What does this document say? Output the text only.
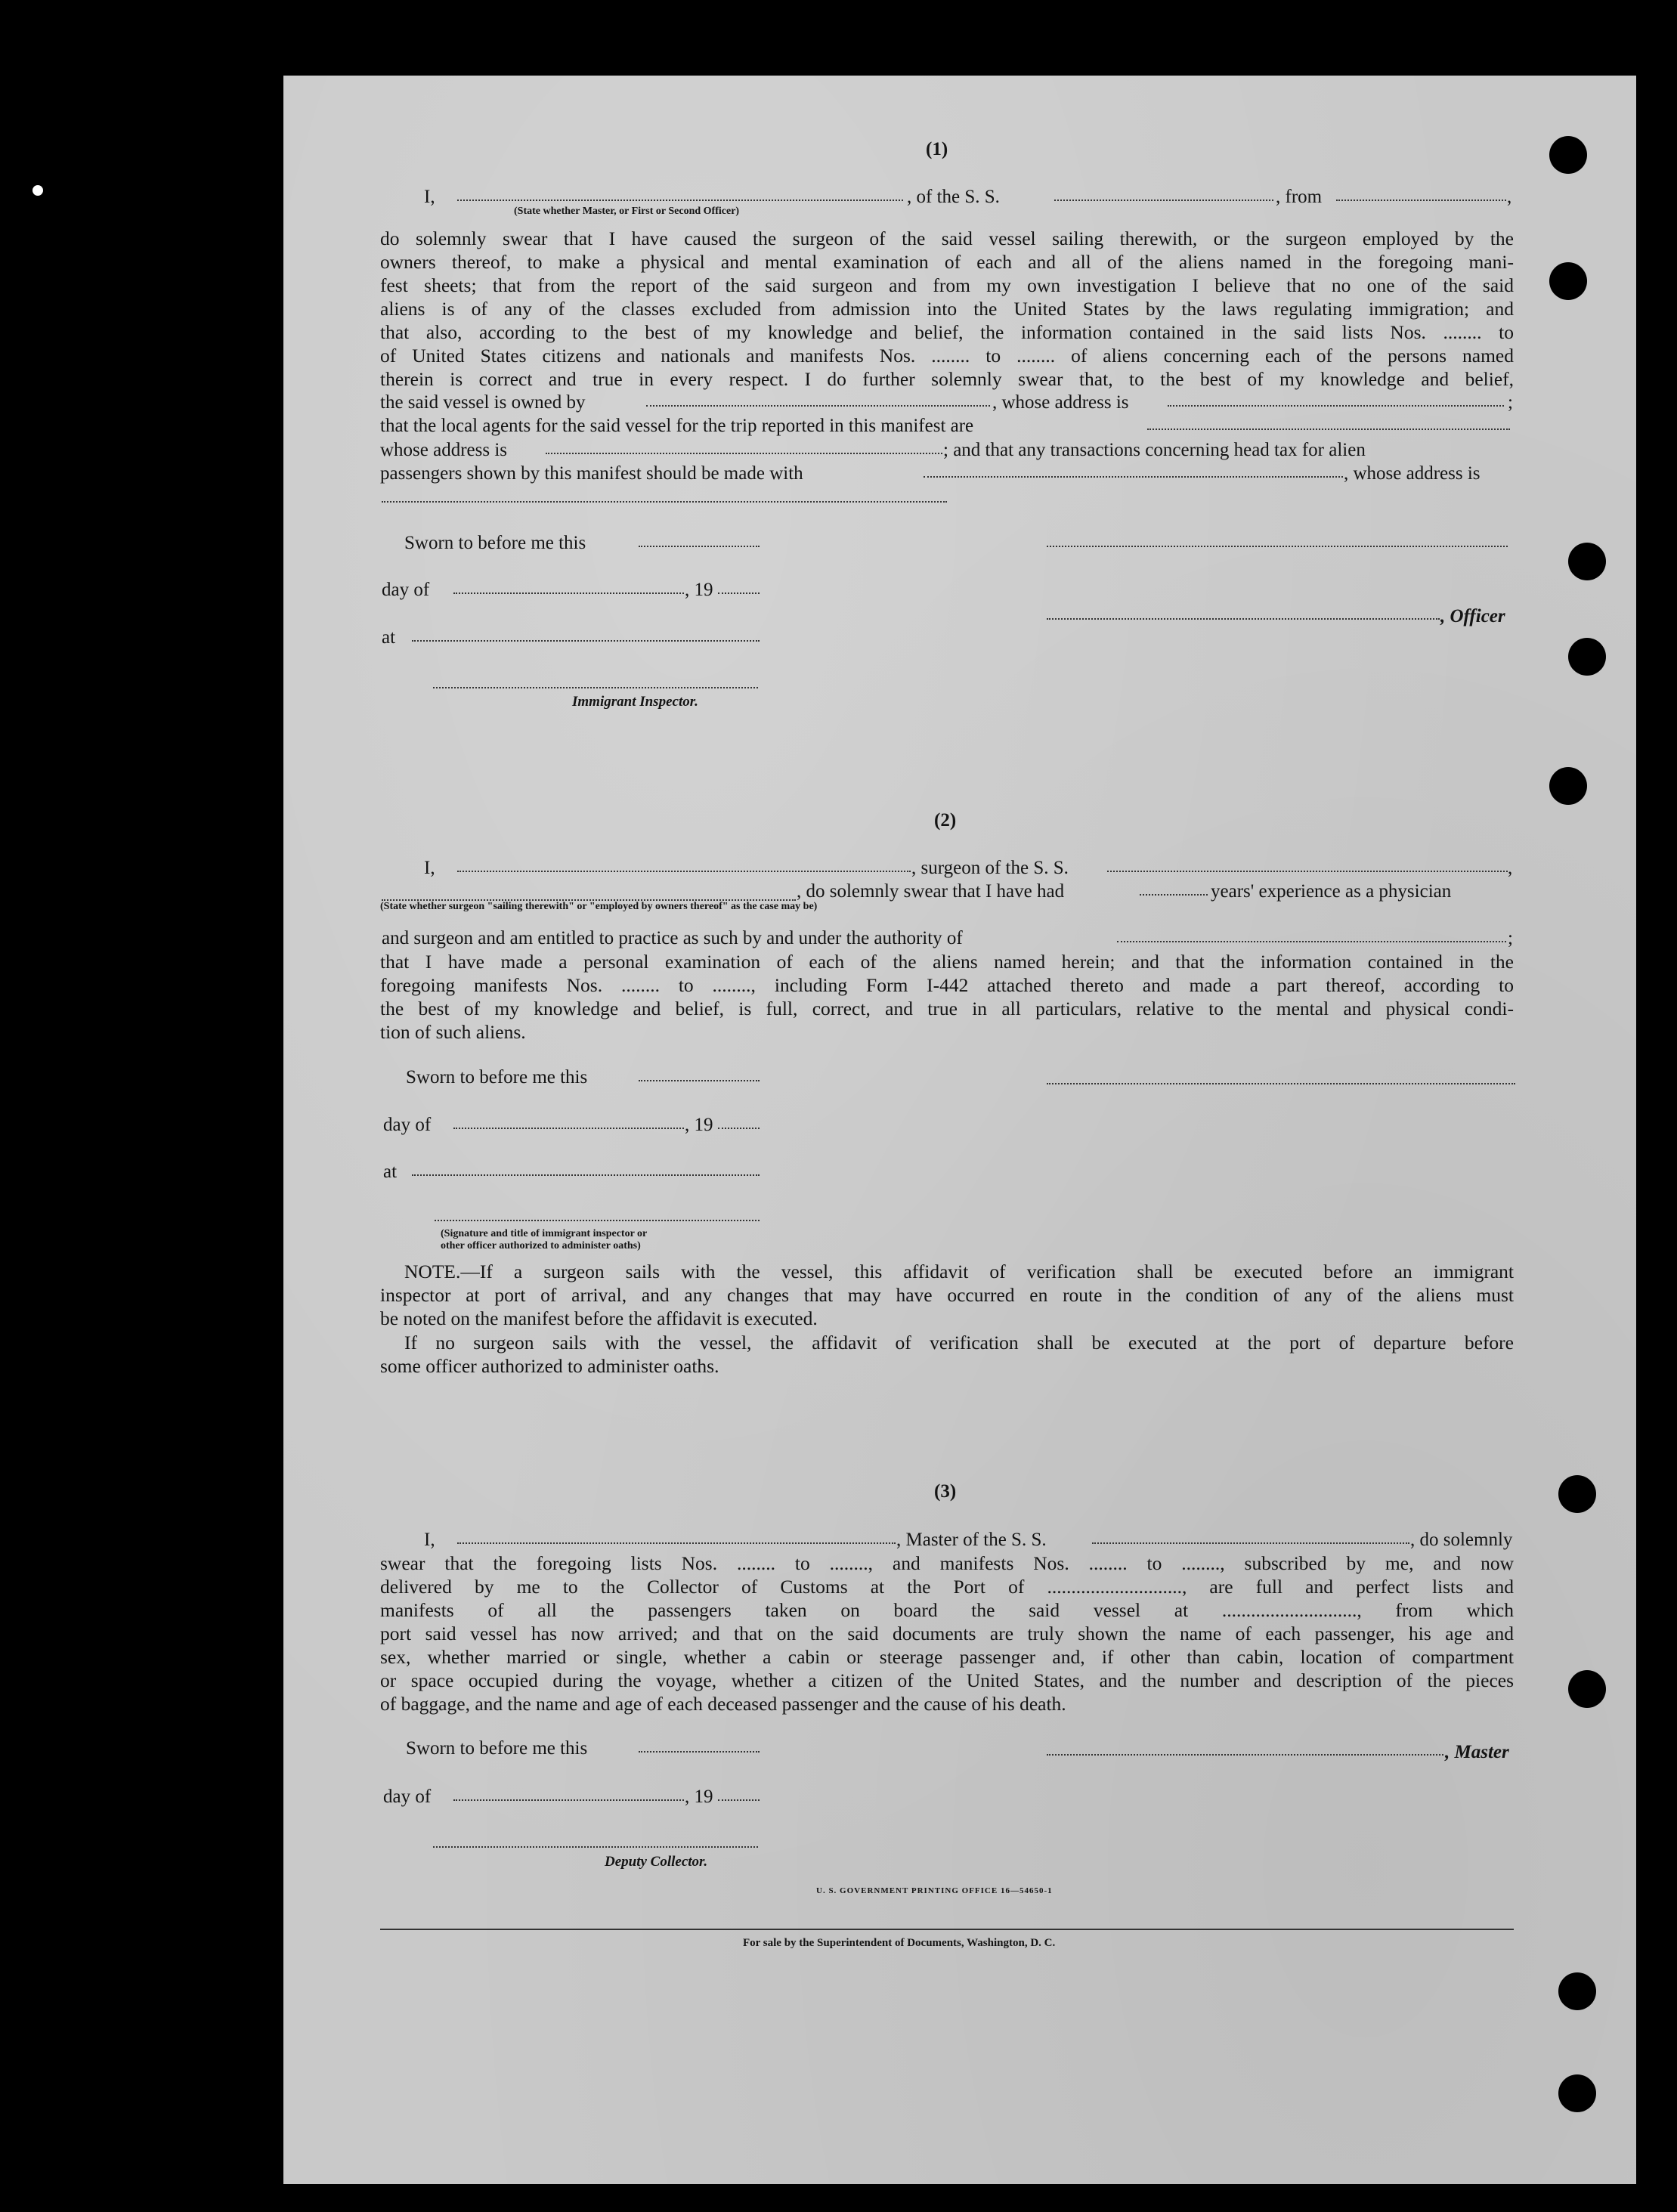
(1)
I,	, of the S. S.	, from	,
(State whether Master, or First or Second Officer)
do solemnly swear that I have caused the surgeon of the said vessel sailing therewith, or the surgeon employed by the
owners thereof, to make a physical and mental examination of each and all of the aliens named in the foregoing mani-
fest sheets; that from the report of the said surgeon and from my own investigation I believe that no one of the said
aliens is of any of the classes excluded from admission into the United States by the laws regulating immigration; and
that also, according to the best of my knowledge and belief, the information contained in the said lists Nos. ........ to
of United States citizens and nationals and manifests Nos. ........ to ........ of aliens concerning each of the persons named
therein is correct and true in every respect. I do further solemnly swear that, to the best of my knowledge and belief,
the said vessel is owned by	, whose address is	;
that the local agents for the said vessel for the trip reported in this manifest are
whose address is	; and that any transactions concerning head tax for alien
passengers shown by this manifest should be made with	, whose address is
Sworn to before me this
day of	, 19
, Officer
at
Immigrant Inspector.
(2)
I,	, surgeon of the S. S.	,
, do solemnly swear that I have had	years' experience as a physician
(State whether surgeon "sailing therewith" or "employed by owners thereof" as the case may be)
and surgeon and am entitled to practice as such by and under the authority of	;
that I have made a personal examination of each of the aliens named herein; and that the information contained in the
foregoing manifests Nos. ........ to ........, including Form I-442 attached thereto and made a part thereof, according to
the best of my knowledge and belief, is full, correct, and true in all particulars, relative to the mental and physical condi-
tion of such aliens.
Sworn to before me this
day of	, 19
at
(Signature and title of immigrant inspector or
other officer authorized to administer oaths)
NOTE.—If a surgeon sails with the vessel, this affidavit of verification shall be executed before an immigrant
inspector at port of arrival, and any changes that may have occurred en route in the condition of any of the aliens must
be noted on the manifest before the affidavit is executed.
If no surgeon sails with the vessel, the affidavit of verification shall be executed at the port of departure before
some officer authorized to administer oaths.
(3)
I,	, Master of the S. S.	, do solemnly
swear that the foregoing lists Nos. ........ to ........, and manifests Nos. ........ to ........, subscribed by me, and now
delivered by me to the Collector of Customs at the Port of ............................, are full and perfect lists and
manifests of all the passengers taken on board the said vessel at ............................, from which
port said vessel has now arrived; and that on the said documents are truly shown the name of each passenger, his age and
sex, whether married or single, whether a cabin or steerage passenger and, if other than cabin, location of compartment
or space occupied during the voyage, whether a citizen of the United States, and the number and description of the pieces
of baggage, and the name and age of each deceased passenger and the cause of his death.
Sworn to before me this	, Master
day of	, 19
Deputy Collector.
U. S. GOVERNMENT PRINTING OFFICE 16—54650-1
For sale by the Superintendent of Documents, Washington, D. C.
